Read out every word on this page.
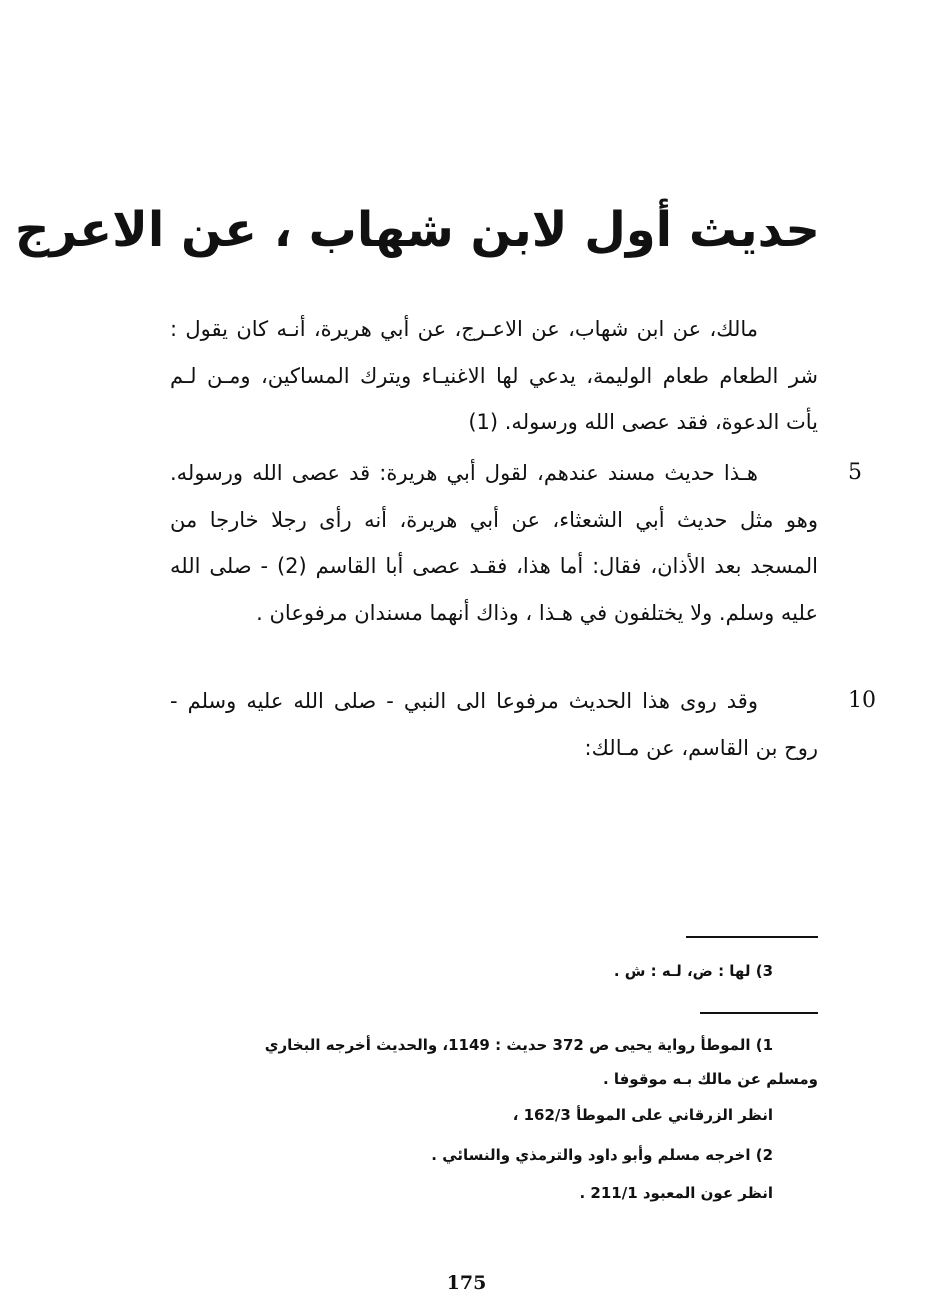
حديث أول لابن شهاب ، عن الاعرج
مالك، عن ابن شهاب، عن الاعـرج، عن أبي هريرة، أنـه كان يقول : شر الطعام طعام الوليمة، يدعي لها الاغنيـاء ويترك المساكين، ومـن لـم يأت الدعوة، فقد عصى الله ورسوله. (1)
5
هـذا حديث مسند عندهم، لقول أبي هريرة: قد عصى الله ورسوله. وهو مثل حديث أبي الشعثاء، عن أبي هريرة، أنه رأى رجلا خارجا من المسجد بعد الأذان، فقال: أما هذا، فقـد عصى أبا القاسم (2) - صلى الله عليه وسلم. ولا يختلفون في هـذا ، وذاك أنهما مسندان مرفوعان .
10
وقد روى هذا الحديث مرفوعا الى النبي - صلى الله عليه وسلم - روح بن القاسم، عن مـالك:
3) لها : ض، لـه : ش .
1) الموطأ رواية يحيى ص 372 حديث : 1149، والحديث أخرجه البخاري
ومسلم عن مالك بـه موقوفا .
انظر الزرقاني على الموطأ 162/3 ،
2) اخرجه مسلم وأبو داود والترمذي والنسائي .
انظر عون المعبود 211/1 .
175
